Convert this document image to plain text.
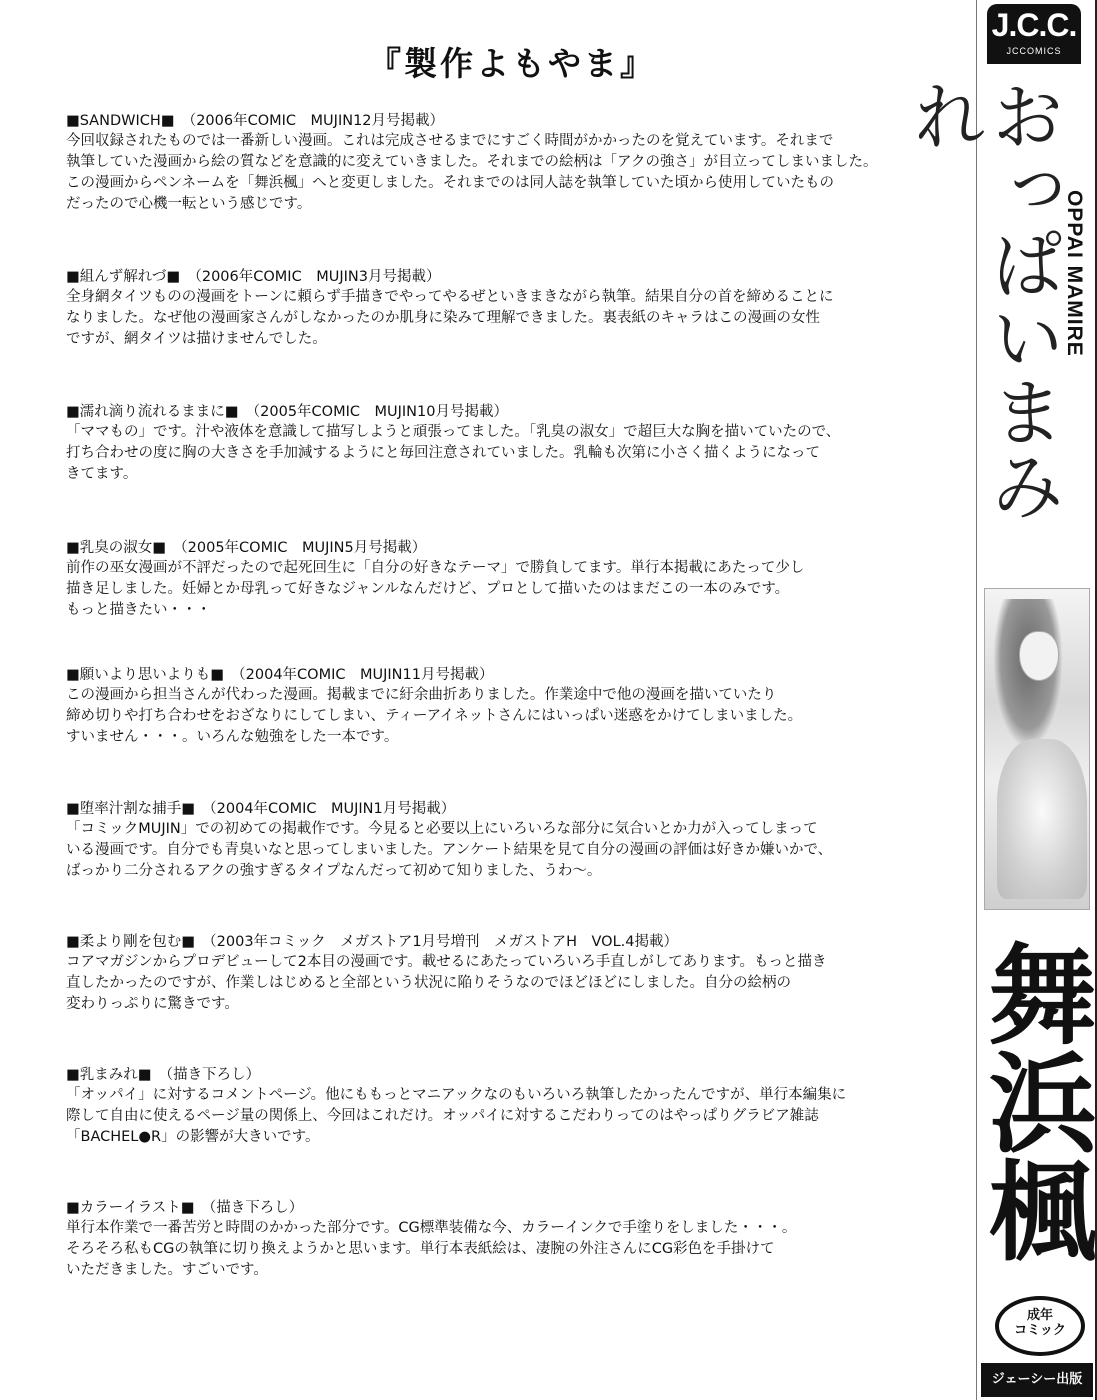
『製作よもやま』
■SANDWICH■　（2006年COMIC　MUJIN12月号掲載）
今回収録されたものでは一番新しい漫画。これは完成させるまでにすごく時間がかかったのを覚えています。それまで
執筆していた漫画から絵の質などを意識的に変えていきました。それまでの絵柄は「アクの強さ」が目立ってしまいました。
この漫画からペンネームを「舞浜楓」へと変更しました。それまでのは同人誌を執筆していた頃から使用していたもの
だったので心機一転という感じです。
■組んず解れづ■　（2006年COMIC　MUJIN3月号掲載）
全身網タイツものの漫画をトーンに頼らず手描きでやってやるぜといきまきながら執筆。結果自分の首を締めることに
なりました。なぜ他の漫画家さんがしなかったのか肌身に染みて理解できました。裏表紙のキャラはこの漫画の女性
ですが、網タイツは描けませんでした。
■濡れ滴り流れるままに■　（2005年COMIC　MUJIN10月号掲載）
「ママもの」です。汁や液体を意識して描写しようと頑張ってました。「乳臭の淑女」で超巨大な胸を描いていたので、
打ち合わせの度に胸の大きさを手加減するようにと毎回注意されていました。乳輪も次第に小さく描くようになって
きてます。
■乳臭の淑女■　（2005年COMIC　MUJIN5月号掲載）
前作の巫女漫画が不評だったので起死回生に「自分の好きなテーマ」で勝負してます。単行本掲載にあたって少し
描き足しました。妊婦とか母乳って好きなジャンルなんだけど、プロとして描いたのはまだこの一本のみです。
もっと描きたい・・・
■願いより思いよりも■　（2004年COMIC　MUJIN11月号掲載）
この漫画から担当さんが代わった漫画。掲載までに紆余曲折ありました。作業途中で他の漫画を描いていたり
締め切りや打ち合わせをおざなりにしてしまい、ティーアイネットさんにはいっぱい迷惑をかけてしまいました。
すいません・・・。いろんな勉強をした一本です。
■堕率汁割な捕手■　（2004年COMIC　MUJIN1月号掲載）
「コミックMUJIN」での初めての掲載作です。今見ると必要以上にいろいろな部分に気合いとか力が入ってしまって
いる漫画です。自分でも青臭いなと思ってしまいました。アンケート結果を見て自分の漫画の評価は好きか嫌いかで、
ばっかり二分されるアクの強すぎるタイプなんだって初めて知りました、うわ〜。
■柔より剛を包む■　（2003年コミック　メガストア1月号増刊　メガストアH　VOL.4掲載）
コアマガジンからプロデビューして2本目の漫画です。載せるにあたっていろいろ手直しがしてあります。もっと描き
直したかったのですが、作業しはじめると全部という状況に陥りそうなのでほどほどにしました。自分の絵柄の
変わりっぷりに驚きです。
■乳まみれ■　（描き下ろし）
「オッパイ」に対するコメントページ。他にももっとマニアックなのもいろいろ執筆したかったんですが、単行本編集に
際して自由に使えるページ量の関係上、今回はこれだけ。オッパイに対するこだわりってのはやっぱりグラビア雑誌
「BACHEL●R」の影響が大きいです。
■カラーイラスト■　（描き下ろし）
単行本作業で一番苦労と時間のかかった部分です。CG標準装備な今、カラーインクで手塗りをしました・・・。
そろそろ私もCGの執筆に切り換えようかと思います。単行本表紙絵は、凄腕の外注さんにCG彩色を手掛けて
いただきました。すごいです。
J.C.C.
JCCOMICS
おっぱいまみれ
OPPAI MAMIRE
舞浜楓
成年
コミック
ジェーシー出版
